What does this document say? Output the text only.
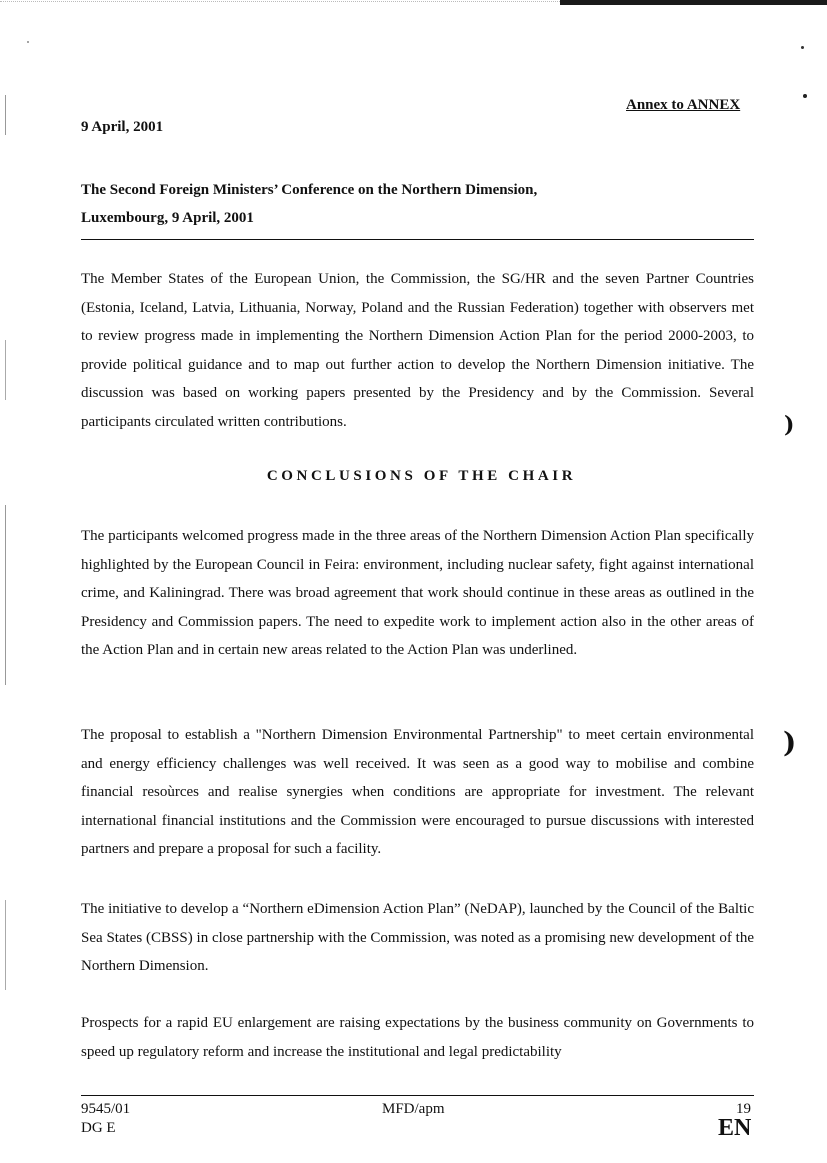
Annex to ANNEX
9 April, 2001
The Second Foreign Ministers’ Conference on the Northern Dimension,
Luxembourg, 9 April, 2001

The Member States of the European Union, the Commission, the SG/HR and the seven Partner Countries (Estonia, Iceland, Latvia, Lithuania, Norway, Poland and the Russian Federation) together with observers met to review progress made in implementing the Northern Dimension Action Plan for the period 2000-2003, to provide political guidance and to map out further action to develop the Northern Dimension initiative. The discussion was based on working papers presented by the Presidency and by the Commission. Several participants circulated written contributions.

CONCLUSIONS OF THE CHAIR

The participants welcomed progress made in the three areas of the Northern Dimension Action Plan specifically highlighted by the European Council in Feira: environment, including nuclear safety, fight against international crime, and Kaliningrad. There was broad agreement that work should continue in these areas as outlined in the Presidency and Commission papers. The need to expedite work to implement action also in the other areas of the Action Plan and in certain new areas related to the Action Plan was underlined.

The proposal to establish a "Northern Dimension Environmental Partnership" to meet certain environmental and energy efficiency challenges was well received. It was seen as a good way to mobilise and combine financial resoùrces and realise synergies when conditions are appropriate for investment. The relevant international financial institutions and the Commission were encouraged to pursue discussions with interested partners and prepare a proposal for such a facility.

The initiative to develop a “Northern eDimension Action Plan” (NeDAP), launched by the Council of the Baltic Sea States (CBSS) in close partnership with the Commission, was noted as a promising new development of the Northern Dimension.

Prospects for a rapid EU enlargement are raising expectations by the business community on Governments to speed up regulatory reform and increase the institutional and legal predictability

)
)
9545/01
DG E
MFD/apm	19
EN
